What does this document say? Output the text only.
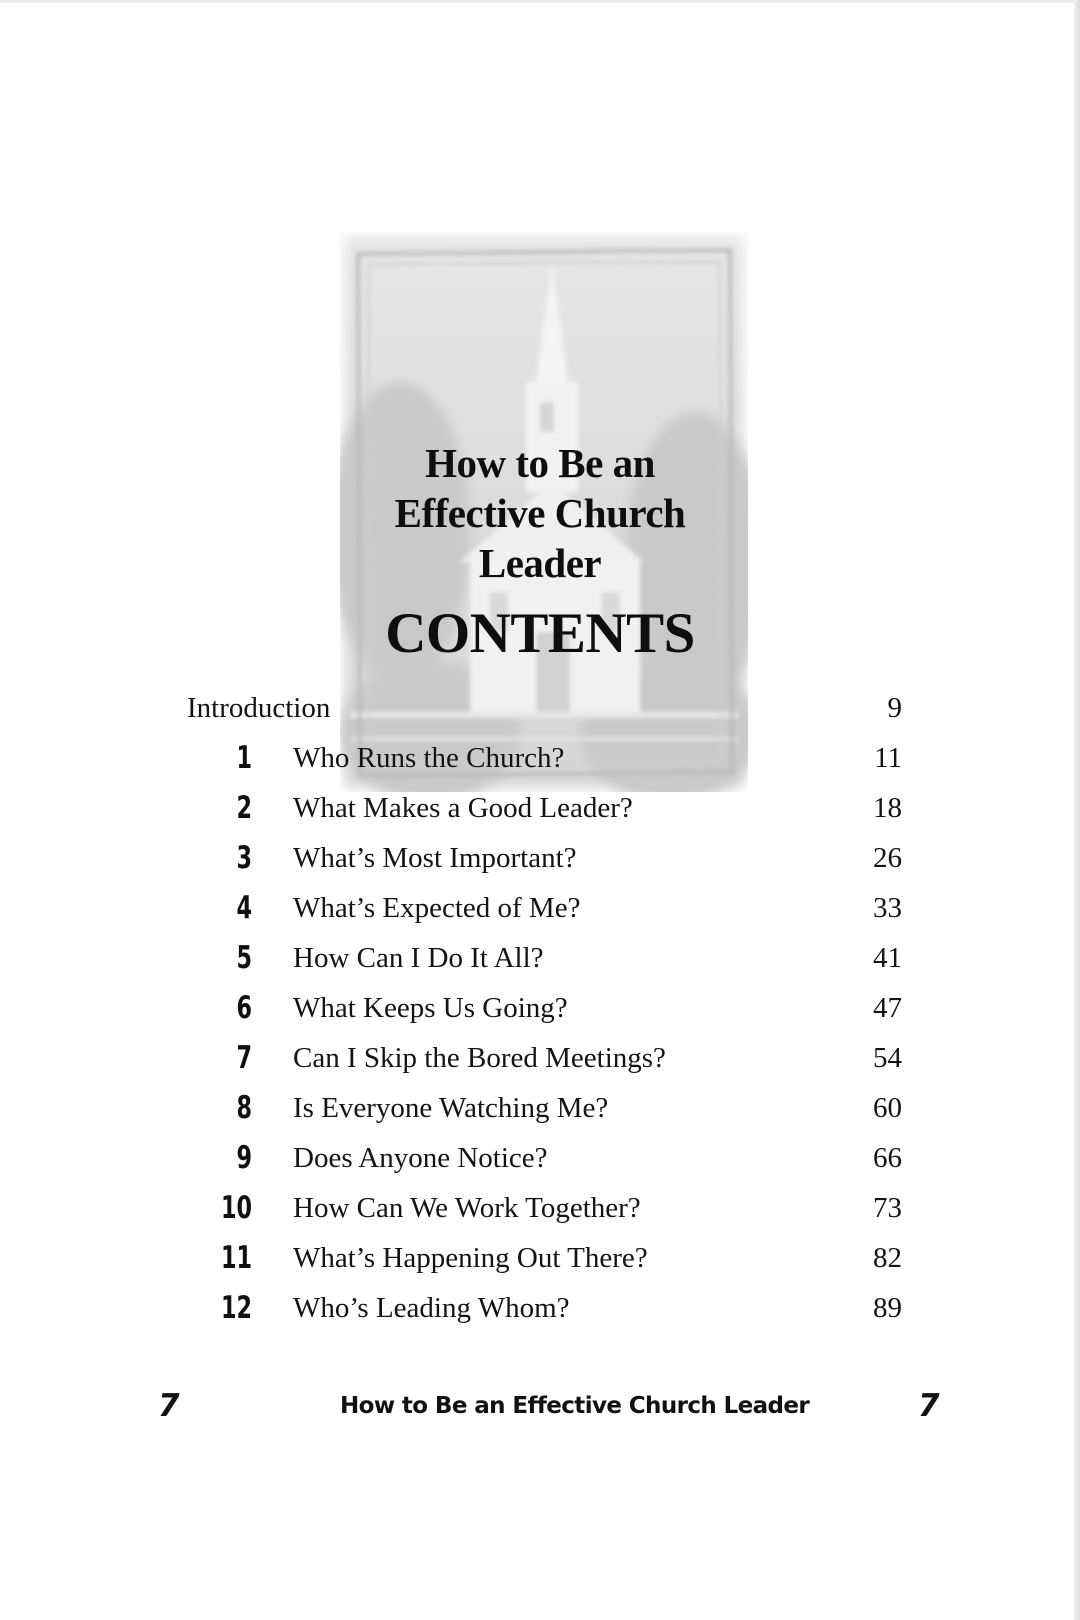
How to Be an
Effective Church Leader
CONTENTS
Introduction	9
1 Who Runs the Church?	11
2 What Makes a Good Leader?	18
3 What’s Most Important?	26
4 What’s Expected of Me?	33
5 How Can I Do It All?	41
6 What Keeps Us Going?	47
7 Can I Skip the Bored Meetings?	54
8 Is Everyone Watching Me?	60
9 Does Anyone Notice?	66
10 How Can We Work Together?	73
11 What’s Happening Out There?	82
12 Who’s Leading Whom?	89
7	How to Be an Effective Church Leader	7
